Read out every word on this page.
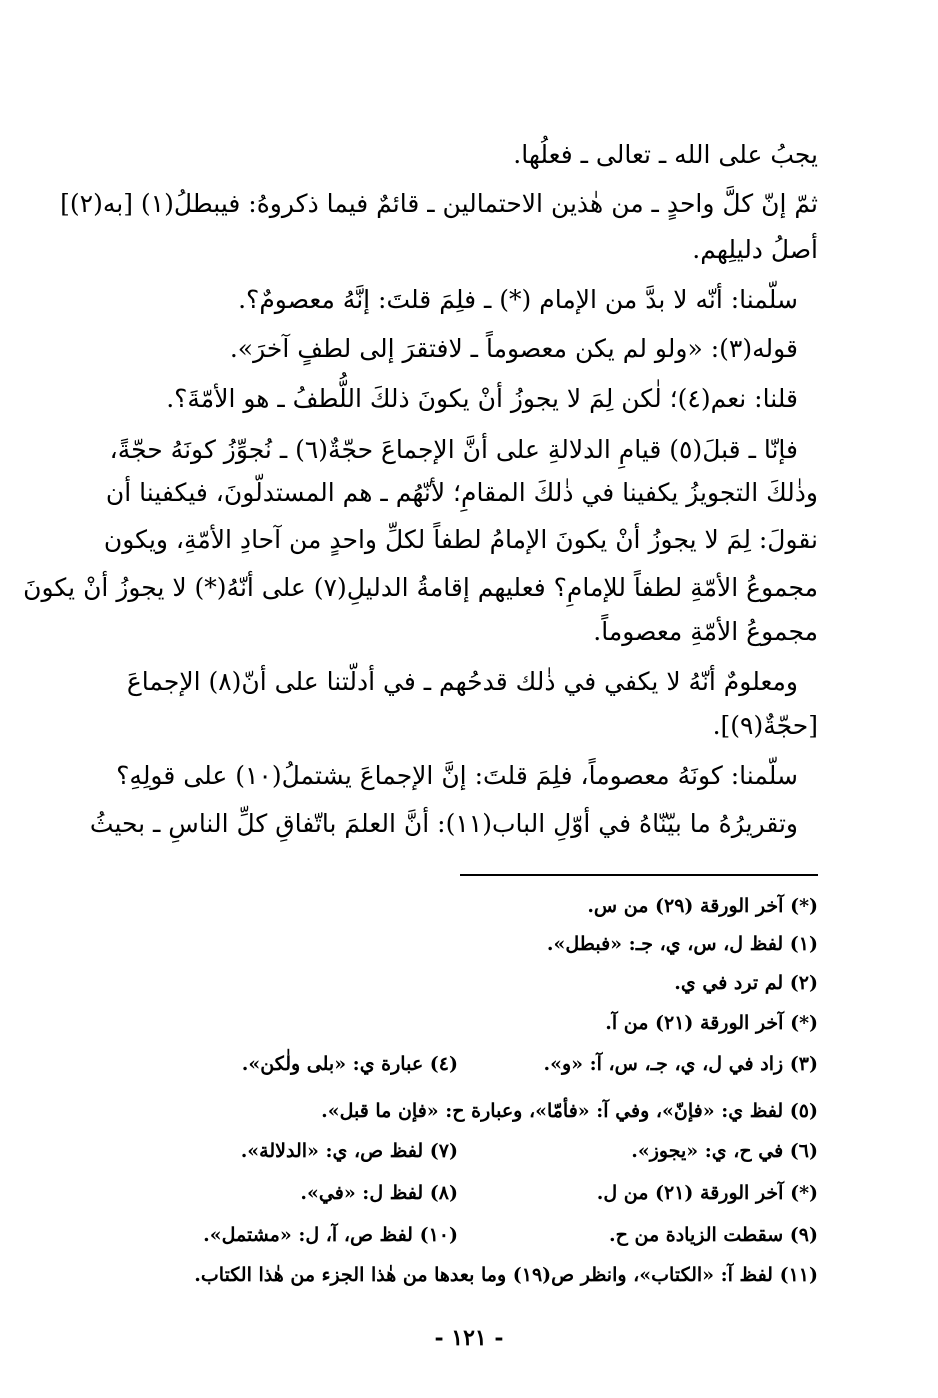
يجبُ على الله ـ تعالى ـ فعلُها.
ثمّ إنّ كلَّ واحدٍ ـ من هٰذين الاحتمالين ـ قائمٌ فيما ذكروهُ: فيبطلُ(١) [به(٢)]
أصلُ دليلِهم.
سلّمنا: أنّه لا بدَّ من الإمام (*) ـ فلِمَ قلتَ: إنَّهُ معصومٌ؟.
قوله(٣): «ولو لم يكن معصوماً ـ لافتقرَ إلى لطفٍ آخرَ».
قلنا: نعم(٤)؛ لٰكن لِمَ لا يجوزُ أنْ يكونَ ذلكَ اللُّطفُ ـ هو الأمّةَ؟.
فإنّا ـ قبلَ(٥) قيامِ الدلالةِ على أنَّ الإجماعَ حجّةٌ(٦) ـ نُجوِّزُ كونَهُ حجّةً،
وذٰلكَ التجويزُ يكفينا في ذٰلكَ المقامِ؛ لأنّهُم ـ هم المستدلّونَ، فيكفينا أن
نقولَ: لِمَ لا يجوزُ أنْ يكونَ الإمامُ لطفاً لكلِّ واحدٍ من آحادِ الأمّةِ، ويكون
مجموعُ الأمّةِ لطفاً للإمامِ؟ فعليهم إقامةُ الدليلِ(٧) على أنّهُ(*) لا يجوزُ أنْ يكونَ
مجموعُ الأمّةِ معصوماً.
ومعلومٌ أنّهُ لا يكفي في ذٰلك قدحُهم ـ في أدلّتنا على أنّ(٨) الإجماعَ
[حجّةٌ(٩)].
سلّمنا: كونَهُ معصوماً، فلِمَ قلتَ: إنَّ الإجماعَ يشتملُ(١٠) على قولِهِ؟
وتقريرُهُ ما بيّنّاهُ في أوّلِ الباب(١١): أنَّ العلمَ باتّفاقِ كلِّ الناسِ ـ بحيثُ
(*) آخر الورقة (٢٩) من س.
(١) لفظ ل، س، ي، جـ: «فبطل».
(٢) لم ترد في ي.
(*) آخر الورقة (٢١) من آ.
(٣) زاد في ل، ي، جـ، س، آ: «و».
(٤) عبارة ي: «بلى ولٰكن».
(٥) لفظ ي: «فإنّ»، وفي آ: «فأمّا»، وعبارة ح: «فإن ما قبل».
(٦) في ح، ي: «يجوز».
(٧) لفظ ص، ي: «الدلالة».
(*) آخر الورقة (٢١) من ل.
(٨) لفظ ل: «في».
(٩) سقطت الزيادة من ح.
(١٠) لفظ ص، آ، ل: «مشتمل».
(١١) لفظ آ: «الكتاب»، وانظر ص(١٩) وما بعدها من هٰذا الجزء من هٰذا الكتاب.
- ١٢١ -
